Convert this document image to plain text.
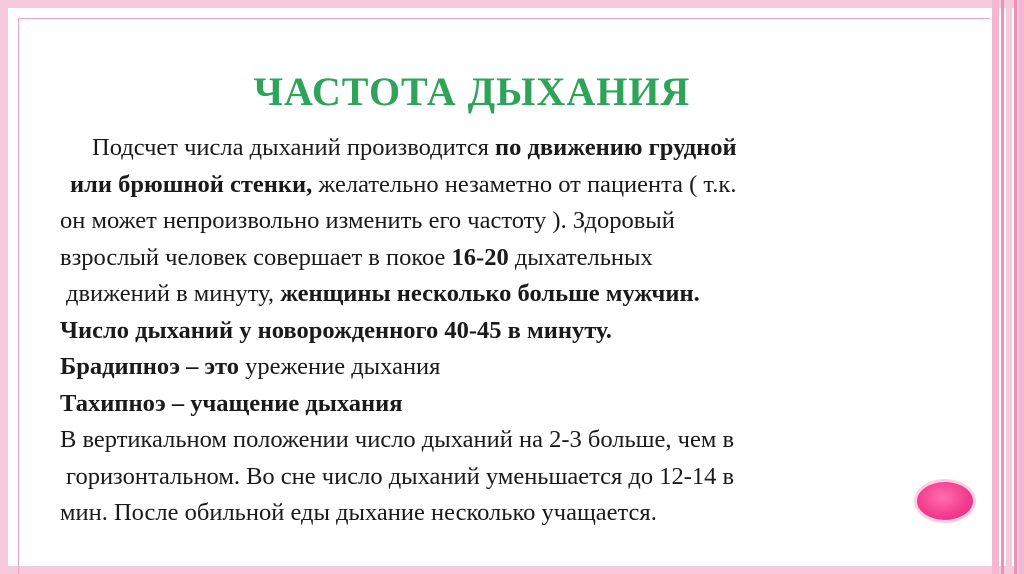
ЧАСТОТА ДЫХАНИЯ
Подсчет числа дыханий производится по движению грудной
или брюшной стенки, желательно незаметно от пациента ( т.к.
он может непроизвольно изменить его частоту ). Здоровый
взрослый человек совершает в покое 16-20 дыхательных
движений в минуту, женщины несколько больше мужчин.
Число дыханий у новорожденного 40-45 в минуту.
Брадипноэ – это урежение дыхания
Тахипноэ – учащение дыхания
В вертикальном положении число дыханий на 2-3 больше, чем в
горизонтальном. Во сне число дыханий уменьшается до 12-14 в
мин. После обильной еды дыхание несколько учащается.
